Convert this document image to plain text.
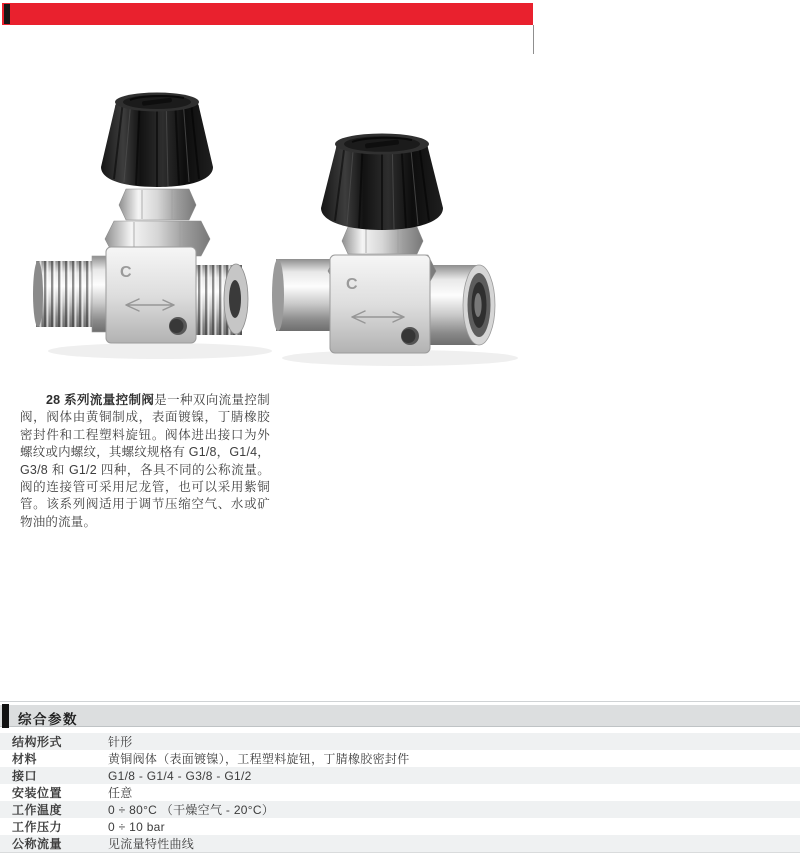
C
C

28 系列流量控制阀是一种双向流量控制阀，阀体由黄铜制成，表面镀镍，丁腈橡胶密封件和工程塑料旋钮。阀体进出接口为外螺纹或内螺纹，其螺纹规格有 G1/8，G1/4，G3/8 和 G1/2 四种，各具不同的公称流量。阀的连接管可采用尼龙管，也可以采用紫铜管。该系列阀适用于调节压缩空气、水或矿物油的流量。

综合参数
结构形式	针形
材料	黄铜阀体（表面镀镍），工程塑料旋钮，丁腈橡胶密封件
接口	G1/8 - G1/4 - G3/8 - G1/2
安装位置	任意
工作温度	0 ÷ 80°C （干燥空气 - 20°C）
工作压力	0 ÷ 10 bar
公称流量	见流量特性曲线
